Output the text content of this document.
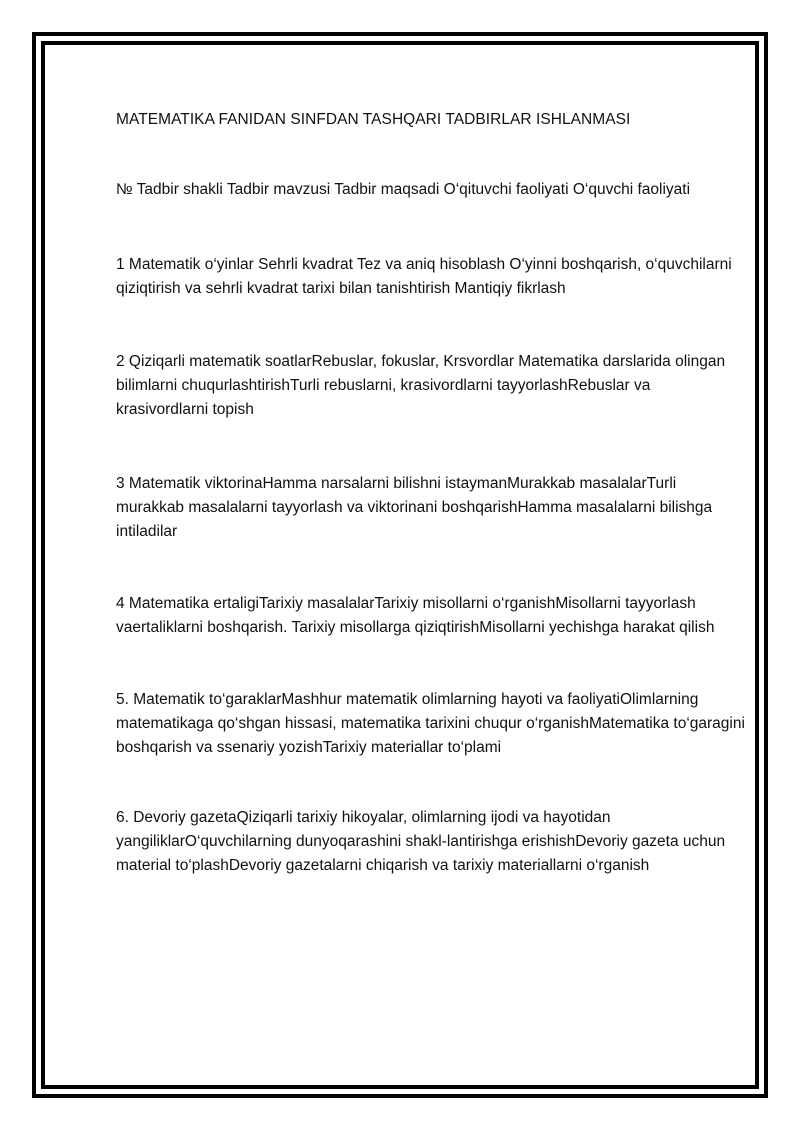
MATEMATIKA FANIDAN SINFDAN TASHQARI TADBIRLAR ISHLANMASI

№ Tadbir shakli Tadbir mavzusi Tadbir maqsadi O‘qituvchi faoliyati O‘quvchi faoliyati

1 Matematik o‘yinlar Sehrli kvadrat Tez va aniq hisoblash O‘yinni boshqarish, o‘quvchilarni qiziqtirish va sehrli kvadrat tarixi bilan tanishtirish Mantiqiy fikrlash

2 Qiziqarli matematik soatlarRebuslar, fokuslar, Krsvordlar Matematika darslarida olingan bilimlarni chuqurlashtirishTurli rebuslarni, krasivordlarni tayyorlashRebuslar va krasivordlarni topish

3 Matematik viktorinaHamma narsalarni bilishni istaymanMurakkab masalalarTurli murakkab masalalarni tayyorlash va viktorinani boshqarishHamma masalalarni bilishga intiladilar

4 Matematika ertaligiTarixiy masalalarTarixiy misollarni o‘rganishMisollarni tayyorlash vaertaliklarni boshqarish. Tarixiy misollarga qiziqtirishMisollarni yechishga harakat qilish

5. Matematik to‘garaklarMashhur matematik olimlarning hayoti va faoliyatiOlimlarning matematikaga qo‘shgan hissasi, matematika tarixini chuqur o‘rganishMatematika to‘garagini boshqarish va ssenariy yozishTarixiy materiallar to‘plami

6. Devoriy gazetaQiziqarli tarixiy hikoyalar, olimlarning ijodi va hayotidan yangiliklarO‘quvchilarning dunyoqarashini shakl-lantirishga erishishDevoriy gazeta uchun material to‘plashDevoriy gazetalarni chiqarish va tarixiy materiallarni o‘rganish
